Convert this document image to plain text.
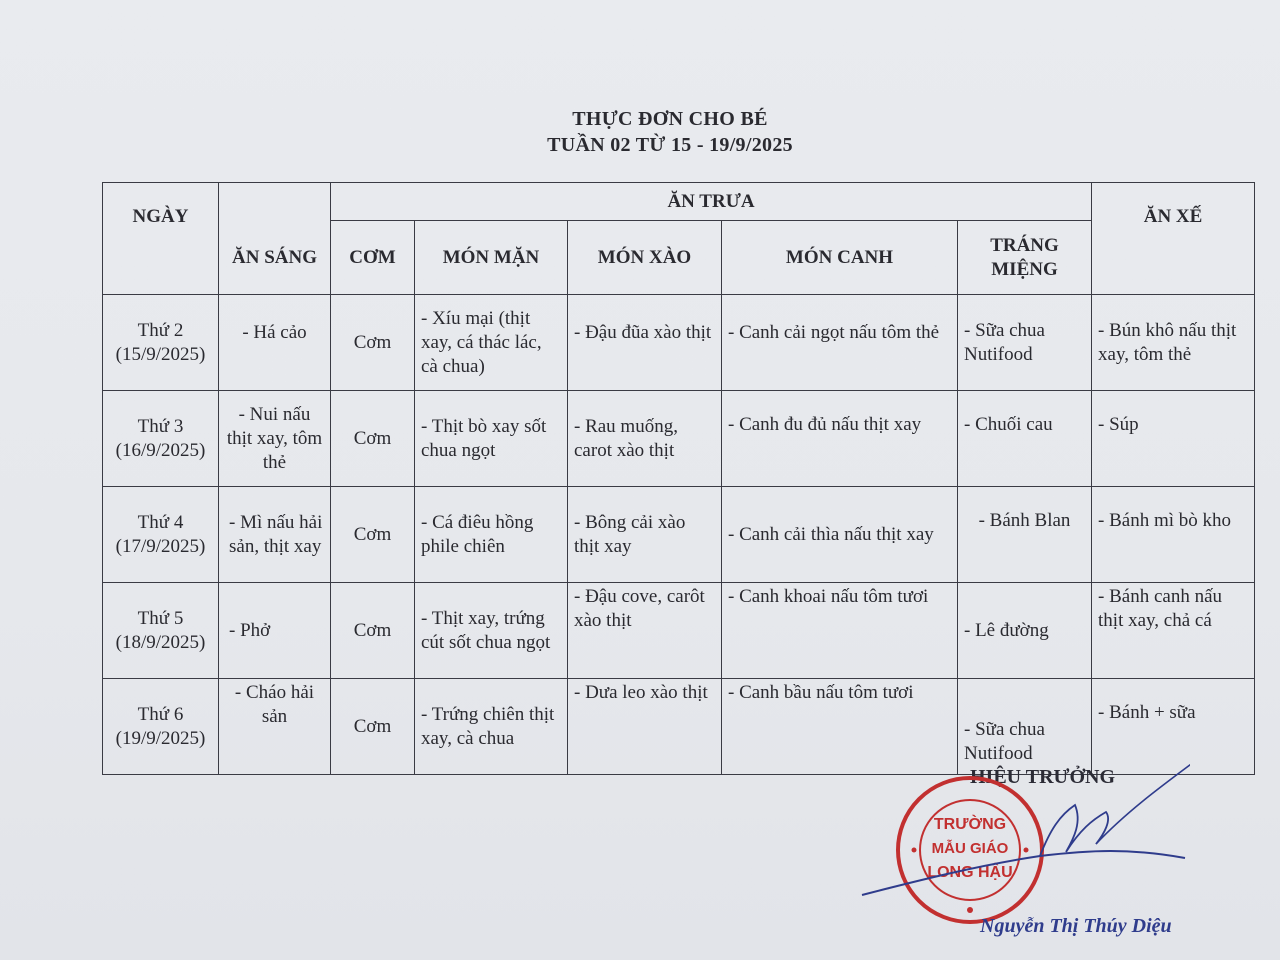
THỰC ĐƠN CHO BÉ
TUẦN 02 TỪ 15 - 19/9/2025
NGÀY	ĂN SÁNG	ĂN TRƯA					ĂN XẾ
		CƠM	MÓN MẶN	MÓN XÀO	MÓN CANH	TRÁNG MIỆNG	

Thứ 2
(15/9/2025)	- Há cảo	Cơm	- Xíu mại (thịt xay, cá thác lác, cà chua)	- Đậu đũa xào thịt	- Canh cải ngọt nấu tôm thẻ	- Sữa chua Nutifood	- Bún khô nấu thịt xay, tôm thẻ

Thứ 3
(16/9/2025)	- Nui nấu thịt xay, tôm thẻ	Cơm	- Thịt bò xay sốt chua ngọt	- Rau muống, carot xào thịt	- Canh đu đủ nấu thịt xay	- Chuối cau	- Súp

Thứ 4
(17/9/2025)	- Mì nấu hải sản, thịt xay	Cơm	- Cá điêu hồng phile chiên	- Bông cải xào thịt xay	- Canh cải thìa nấu thịt xay	- Bánh Blan	- Bánh mì bò kho

Thứ 5
(18/9/2025)	- Phở	Cơm	- Thịt xay, trứng cút sốt chua ngọt	- Đậu cove, carôt xào thịt	- Canh khoai nấu tôm tươi	- Lê đường	- Bánh canh nấu thịt xay, chả cá

Thứ 6
(19/9/2025)	- Cháo hải sản	Cơm	- Trứng chiên thịt xay, cà chua	- Dưa leo xào thịt	- Canh bầu nấu tôm tươi	- Sữa chua Nutifood	- Bánh + sữa
HIỆU TRƯỞNG
TRƯỜNG
MẪU GIÁO
LONG HẬU
Nguyễn Thị Thúy Diệu
